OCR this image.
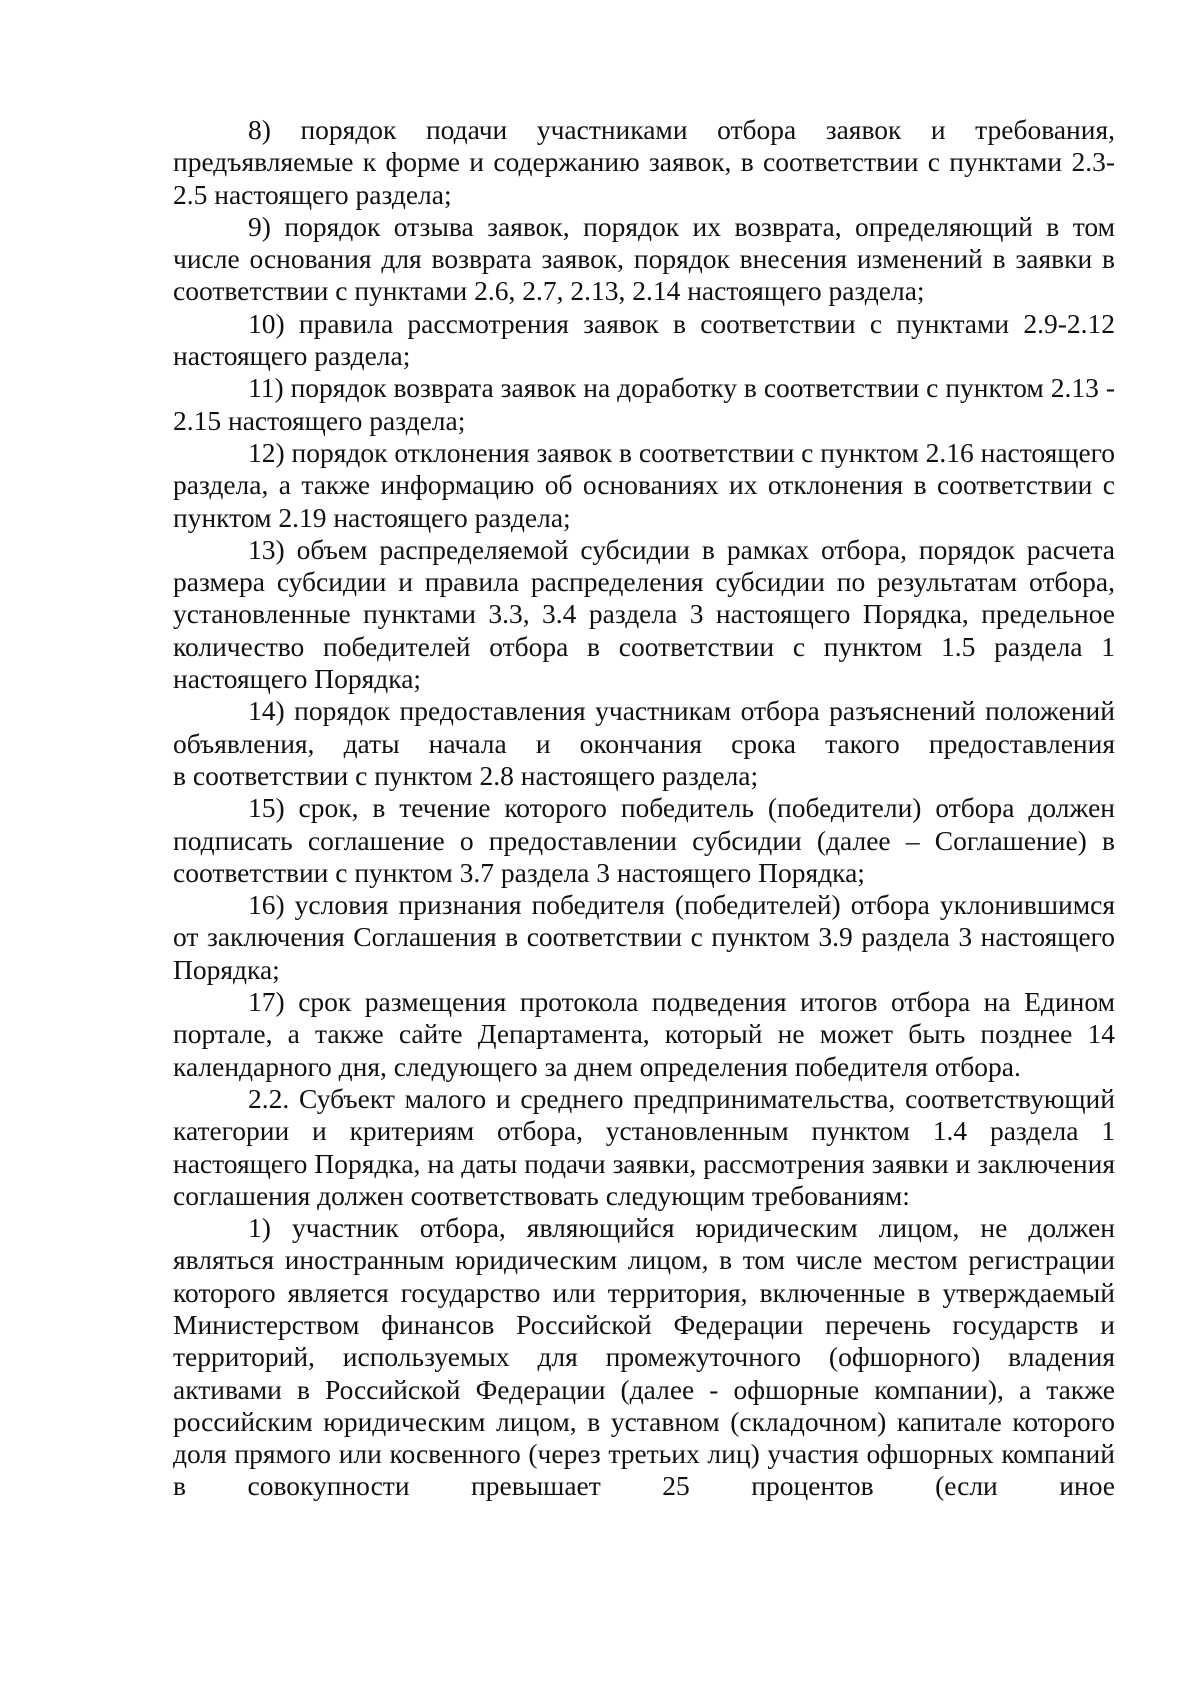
8) порядок подачи участниками отбора заявок и требования, предъявляемые к форме и содержанию заявок, в соответствии с пунктами 2.3-2.5 настоящего раздела;

9) порядок отзыва заявок, порядок их возврата, определяющий в том числе основания для возврата заявок, порядок внесения изменений в заявки в соответствии с пунктами 2.6, 2.7, 2.13, 2.14 настоящего раздела;

10) правила рассмотрения заявок в соответствии с пунктами 2.9-2.12 настоящего раздела;

11) порядок возврата заявок на доработку в соответствии с пунктом 2.13 - 2.15 настоящего раздела;

12) порядок отклонения заявок в соответствии с пунктом 2.16 настоящего раздела, а также информацию об основаниях их отклонения в соответствии с пунктом 2.19 настоящего раздела;

13) объем распределяемой субсидии в рамках отбора, порядок расчета размера субсидии и правила распределения субсидии по результатам отбора, установленные пунктами 3.3, 3.4 раздела 3 настоящего Порядка, предельное количество победителей отбора в соответствии с пунктом 1.5 раздела 1 настоящего Порядка;

14) порядок предоставления участникам отбора разъяснений положений объявления, даты начала и окончания срока такого предоставления

в соответствии с пунктом 2.8 настоящего раздела;

15) срок, в течение которого победитель (победители) отбора должен подписать соглашение о предоставлении субсидии (далее – Соглашение) в соответствии с пунктом 3.7 раздела 3 настоящего Порядка;

16) условия признания победителя (победителей) отбора уклонившимся от заключения Соглашения в соответствии с пунктом 3.9 раздела 3 настоящего Порядка;

17) срок размещения протокола подведения итогов отбора на Едином портале, а также сайте Департамента, который не может быть позднее 14 календарного дня, следующего за днем определения победителя отбора.

2.2. Субъект малого и среднего предпринимательства, соответствующий категории и критериям отбора, установленным пунктом 1.4 раздела 1 настоящего Порядка, на даты подачи заявки, рассмотрения заявки и заключения соглашения должен соответствовать следующим требованиям:

1) участник отбора, являющийся юридическим лицом, не должен являться иностранным юридическим лицом, в том числе местом регистрации которого является государство или территория, включенные в утверждаемый Министерством финансов Российской Федерации перечень государств и территорий, используемых для промежуточного (офшорного) владения активами в Российской Федерации (далее - офшорные компании), а также российским юридическим лицом, в уставном (складочном) капитале которого доля прямого или косвенного (через третьих лиц) участия офшорных компаний в совокупности превышает 25 процентов (если иное
